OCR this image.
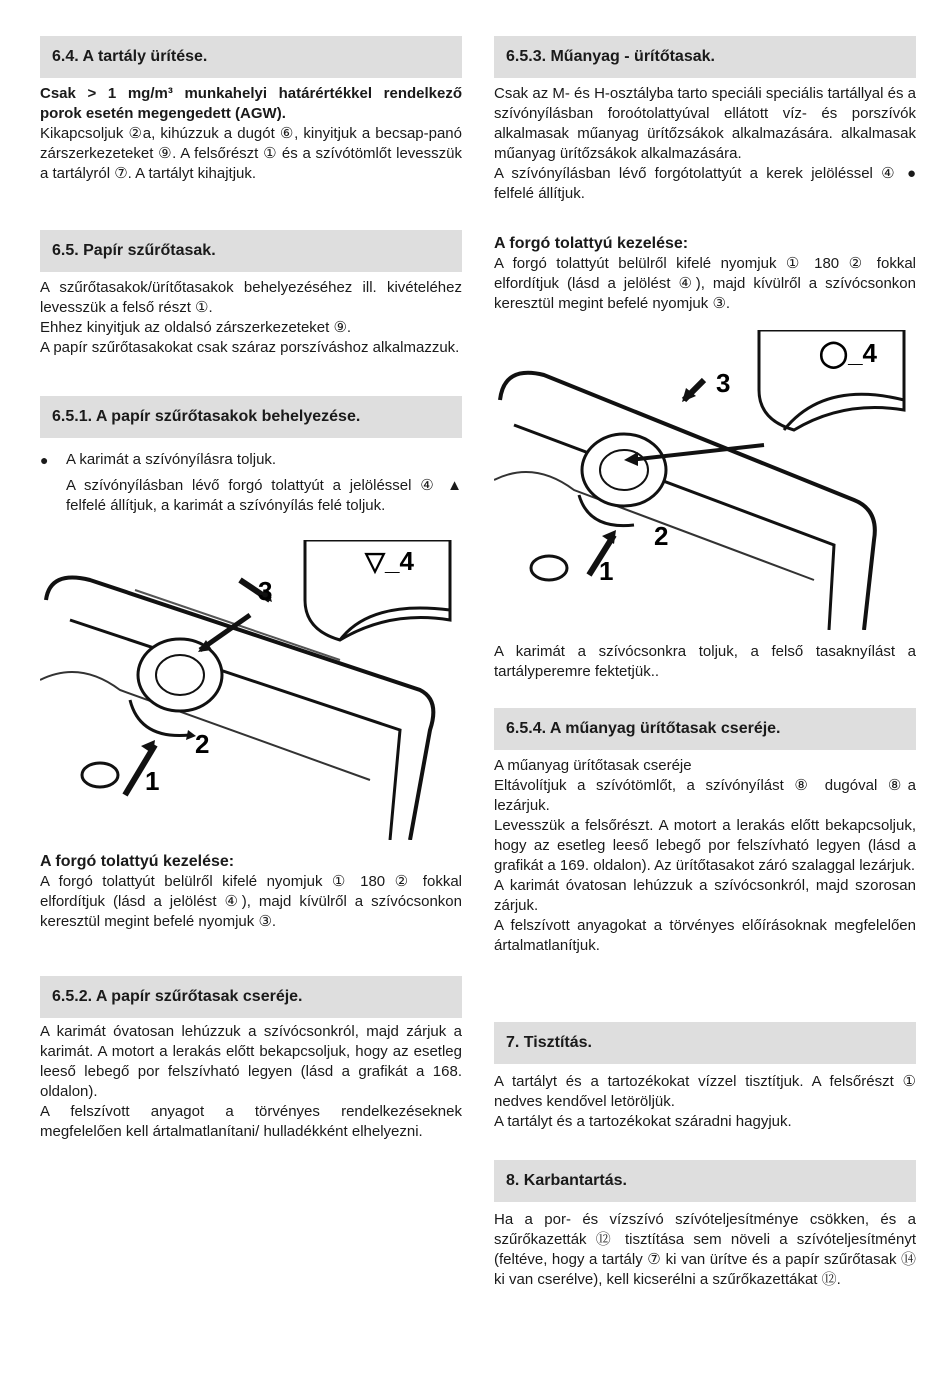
6.4. A tartály ürítése.

Csak > 1 mg/m³ munkahelyi határértékkel rendelkező porok esetén megengedett (AGW).

Kikapcsoljuk ②a, kihúzzuk a dugót ⑥, kinyitjuk a becsap-panó zárszerkezeteket ⑨. A felsőrészt ① és a szívótömlőt levesszük a tartályról ⑦. A tartályt kihajtjuk.

6.5. Papír szűrőtasak.

A szűrőtasakok/ürítőtasakok behelyezéséhez ill. kivételéhez levesszük a felső részt ①.

Ehhez kinyitjuk az oldalsó zárszerkezeteket ⑨.

A papír szűrőtasakokat csak száraz porszíváshoz alkalmazzuk.

6.5.1. A papír szűrőtasakok behelyezése.
●	A karimát a szívónyílásra toljuk.
A szívónyílásban lévő forgó tolattyút a jelöléssel ④ ▲ felfelé állítjuk, a karimát a szívónyílás felé toljuk.
3
2
1
▽_4

A forgó tolattyú kezelése:

A forgó tolattyút belülről kifelé nyomjuk ① 180 ② fokkal elfordítjuk (lásd a jelölést ④), majd kívülről a szívócsonkon keresztül megint befelé nyomjuk ③.

6.5.2. A papír szűrőtasak cseréje.

A karimát óvatosan lehúzzuk a szívócsonkról, majd zárjuk a karimát. A motort a lerakás előtt bekapcsoljuk, hogy az esetleg leeső lebegő por felszívható legyen (lásd a grafikát a 168. oldalon).

A felszívott anyagot a törvényes rendelkezéseknek megfelelően kell ártalmatlanítani/ hulladékként elhelyezni.

6.5.3. Műanyag - ürítőtasak.

Csak az M- és H-osztályba tarto speciáli speciális tartállyal és a szívónyílásban foroótolattyúval ellátott víz- és porszívók alkalmasak műanyag ürítőzsákok alkalmazására. alkalmasak műanyag ürítőzsákok alkalmazására.

A szívónyílásban lévő forgótolattyút a kerek jelöléssel ④ ● felfelé állítjuk.

A forgó tolattyú kezelése:

A forgó tolattyút belülről kifelé nyomjuk ① 180 ② fokkal elfordítjuk (lásd a jelölést ④), majd kívülről a szívócsonkon keresztül megint befelé nyomjuk ③.

3
2
1
◯_4
A karimát a szívócsonkra toljuk, a felső tasaknyílást a tartályperemre fektetjük..
6.5.4. A műanyag ürítőtasak cseréje.
A műanyag ürítőtasak cseréje
Eltávolítjuk a szívótömlőt, a szívónyílást ⑧ dugóval ⑧a lezárjuk.
Levesszük a felsőrészt. A motort a lerakás előtt bekapcsoljuk, hogy az esetleg leeső lebegő por felszívható legyen (lásd a grafikát a 169. oldalon). Az ürítőtasakot záró szalaggal lezárjuk.
A karimát óvatosan lehúzzuk a szívócsonkról, majd szorosan zárjuk.
A felszívott anyagokat a törvényes előírásoknak megfelelően ártalmatlanítjuk.
7. Tisztítás.
A tartályt és a tartozékokat vízzel tisztítjuk. A felsőrészt ① nedves kendővel letöröljük.
A tartályt és a tartozékokat száradni hagyjuk.
8. Karbantartás.
Ha a por- és vízszívó szívóteljesítménye csökken, és a szűrőkazetták ⑫ tisztítása sem növeli a szívóteljesítményt (feltéve, hogy a tartály ⑦ ki van ürítve és a papír szűrőtasak ⑭ ki van cserélve), kell kicserélni a szűrőkazettákat ⑫.
